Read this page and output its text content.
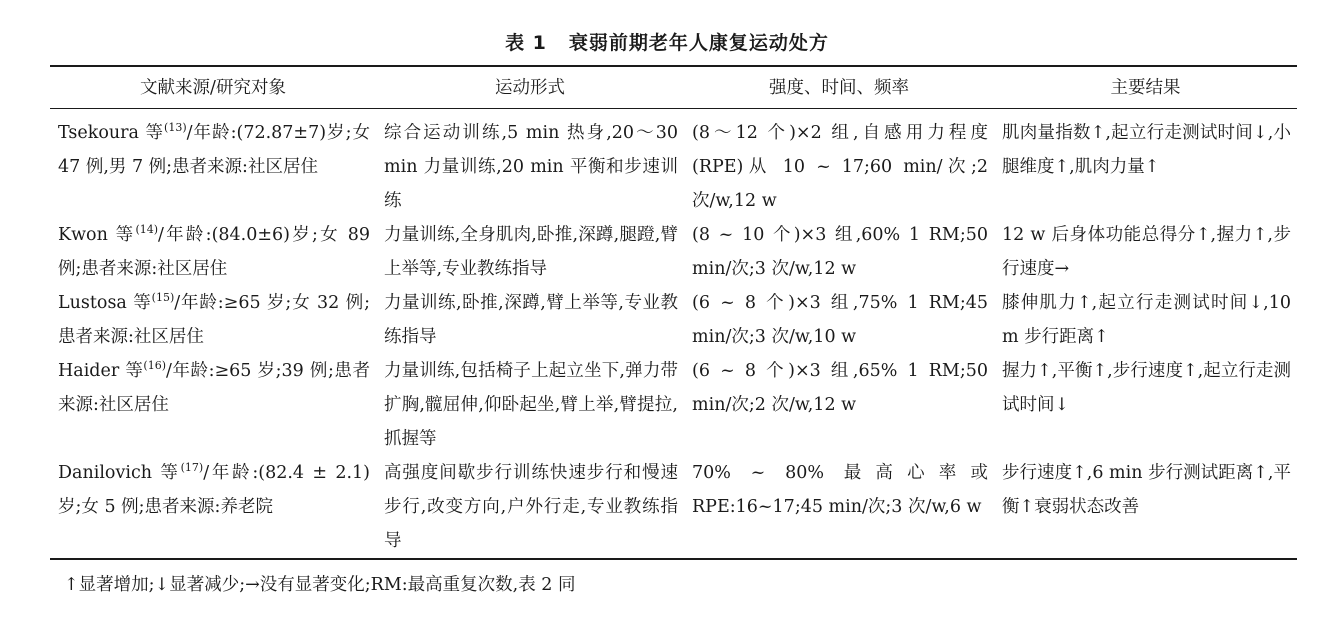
表 1 衰弱前期老年人康复运动处方
文献来源/研究对象	运动形式	强度、时间、频率	主要结果
Tsekoura 等$^{(13)}$/年龄:(72.87±7)岁;女 47 例,男 7 例;患者来源:社区居住	综合运动训练,5 min 热身,20～30 min 力量训练,20 min 平衡和步速训练	(8～12 个)×2 组,自感用力程度(RPE)从 10 ~ 17;60 min/次;2 次/w,12 w	肌肉量指数↑,起立行走测试时间↓,小腿维度↑,肌肉力量↑
Kwon 等$^{(14)}$/年龄:(84.0±6)岁;女 89 例;患者来源:社区居住	力量训练,全身肌肉,卧推,深蹲,腿蹬,臂上举等,专业教练指导	(8 ~ 10 个)×3 组,60% 1 RM;50 min/次;3 次/w,12 w	12 w 后身体功能总得分↑,握力↑,步行速度→
Lustosa 等$^{(15)}$/年龄:≥65 岁;女 32 例;患者来源:社区居住	力量训练,卧推,深蹲,臂上举等,专业教练指导	(6 ~ 8 个)×3 组,75% 1 RM;45 min/次;3 次/w,10 w	膝伸肌力↑,起立行走测试时间↓,10 m 步行距离↑
Haider 等$^{(16)}$/年龄:≥65 岁;39 例;患者来源:社区居住	力量训练,包括椅子上起立坐下,弹力带扩胸,髋屈伸,仰卧起坐,臂上举,臂提拉,抓握等	(6 ~ 8 个)×3 组,65% 1 RM;50 min/次;2 次/w,12 w	握力↑,平衡↑,步行速度↑,起立行走测试时间↓
Danilovich 等$^{(17)}$/年龄:(82.4 ± 2.1)岁;女 5 例;患者来源:养老院	高强度间歇步行训练快速步行和慢速步行,改变方向,户外行走,专业教练指导	70% ~ 80% 最高心率或 RPE:16~17;45 min/次;3 次/w,6 w	步行速度↑,6 min 步行测试距离↑,平衡↑衰弱状态改善
↑显著增加;↓显著减少;→没有显著变化;RM:最高重复次数,表 2 同
